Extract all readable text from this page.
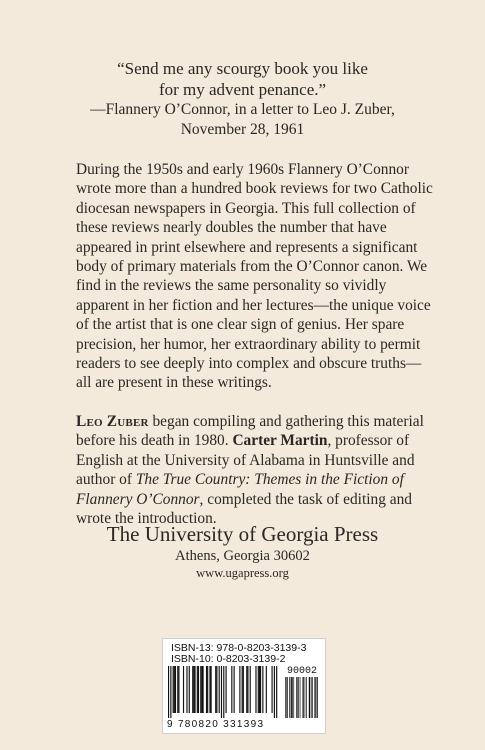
“Send me any scourgy book you like
for my advent penance.”
—Flannery O’Connor, in a letter to Leo J. Zuber,
November 28, 1961
During the 1950s and early 1960s Flannery O’Connor wrote more than a hundred book reviews for two Catholic diocesan newspapers in Georgia. This full collection of these reviews nearly doubles the number that have appeared in print elsewhere and represents a significant body of primary materials from the O’Connor canon. We find in the reviews the same personality so vividly apparent in her fiction and her lectures—the unique voice of the artist that is one clear sign of genius. Her spare precision, her humor, her extraordinary ability to permit readers to see deeply into complex and obscure truths—all are present in these writings.
Leo Zuber began compiling and gathering this material before his death in 1980. Carter Martin, professor of English at the University of Alabama in Huntsville and author of The True Country: Themes in the Fiction of Flannery O’Connor, completed the task of editing and wrote the introduction.
The University of Georgia Press
Athens, Georgia 30602
www.ugapress.org
ISBN-13: 978-0-8203-3139-3
ISBN-10: 0-8203-3139-2
90002
9 780820 331393
